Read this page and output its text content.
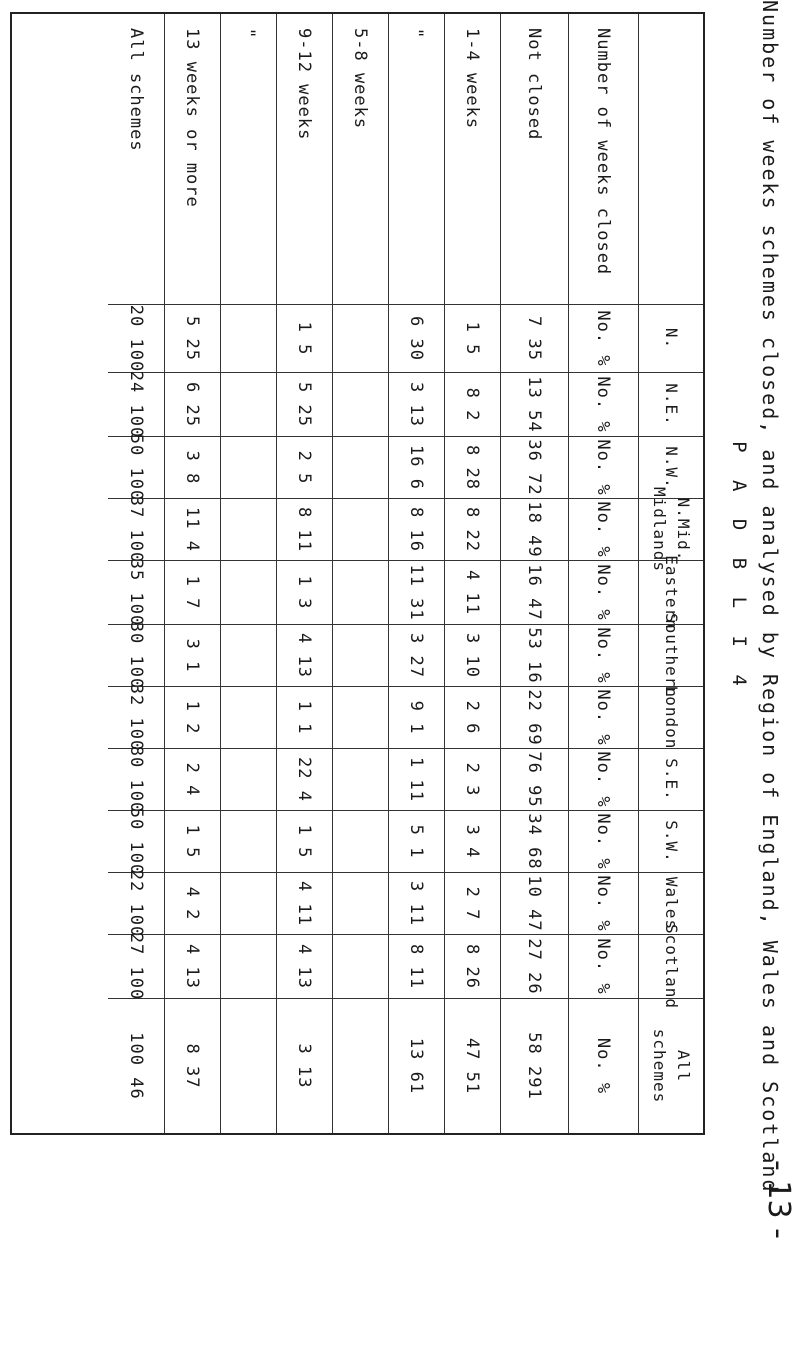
Number of weeks schemes closed, and analysed by Region of England, Wales and Scotland
P A D B L I 4
- 13 -
N.
N.E.
N.W.
N.Mid.
Midlands
Eastern
Southern
London
S.E.
S.W.
Wales
Scotland
All
schemes
Number of weeks closed
No. %
No. %
No. %
No. %
No. %
No. %
No. %
No. %
No. %
No. %
No. %
No. %
Not closed
7 35
13 54
36 72
18 49
16 47
53 16
22 69
76 95
34 68
10 47
27 26
58 291
1-4 weeks
1 5
8 2
8 28
8 22
4 11
3 10
2 6
2 3
3 4
2 7
8 26
47 51
"
6 30
3 13
16 6
8 16
11 31
3 27
9 1
1 11
5 1
3 11
8 11
13 61
5-8 weeks
9-12 weeks
1 5
5 25
2 5
8 11
1 3
4 13
1 1
22 4
1 5
4 11
4 13
3 13
"
13 weeks or more
5 25
6 25
3 8
11 4
1 7
3 1
1 2
2 4
1 5
4 2
4 13
8 37
All schemes
20 100
24 100
50 100
37 100
35 100
30 100
32 100
80 100
50 100
22 100
27 100
100 46
